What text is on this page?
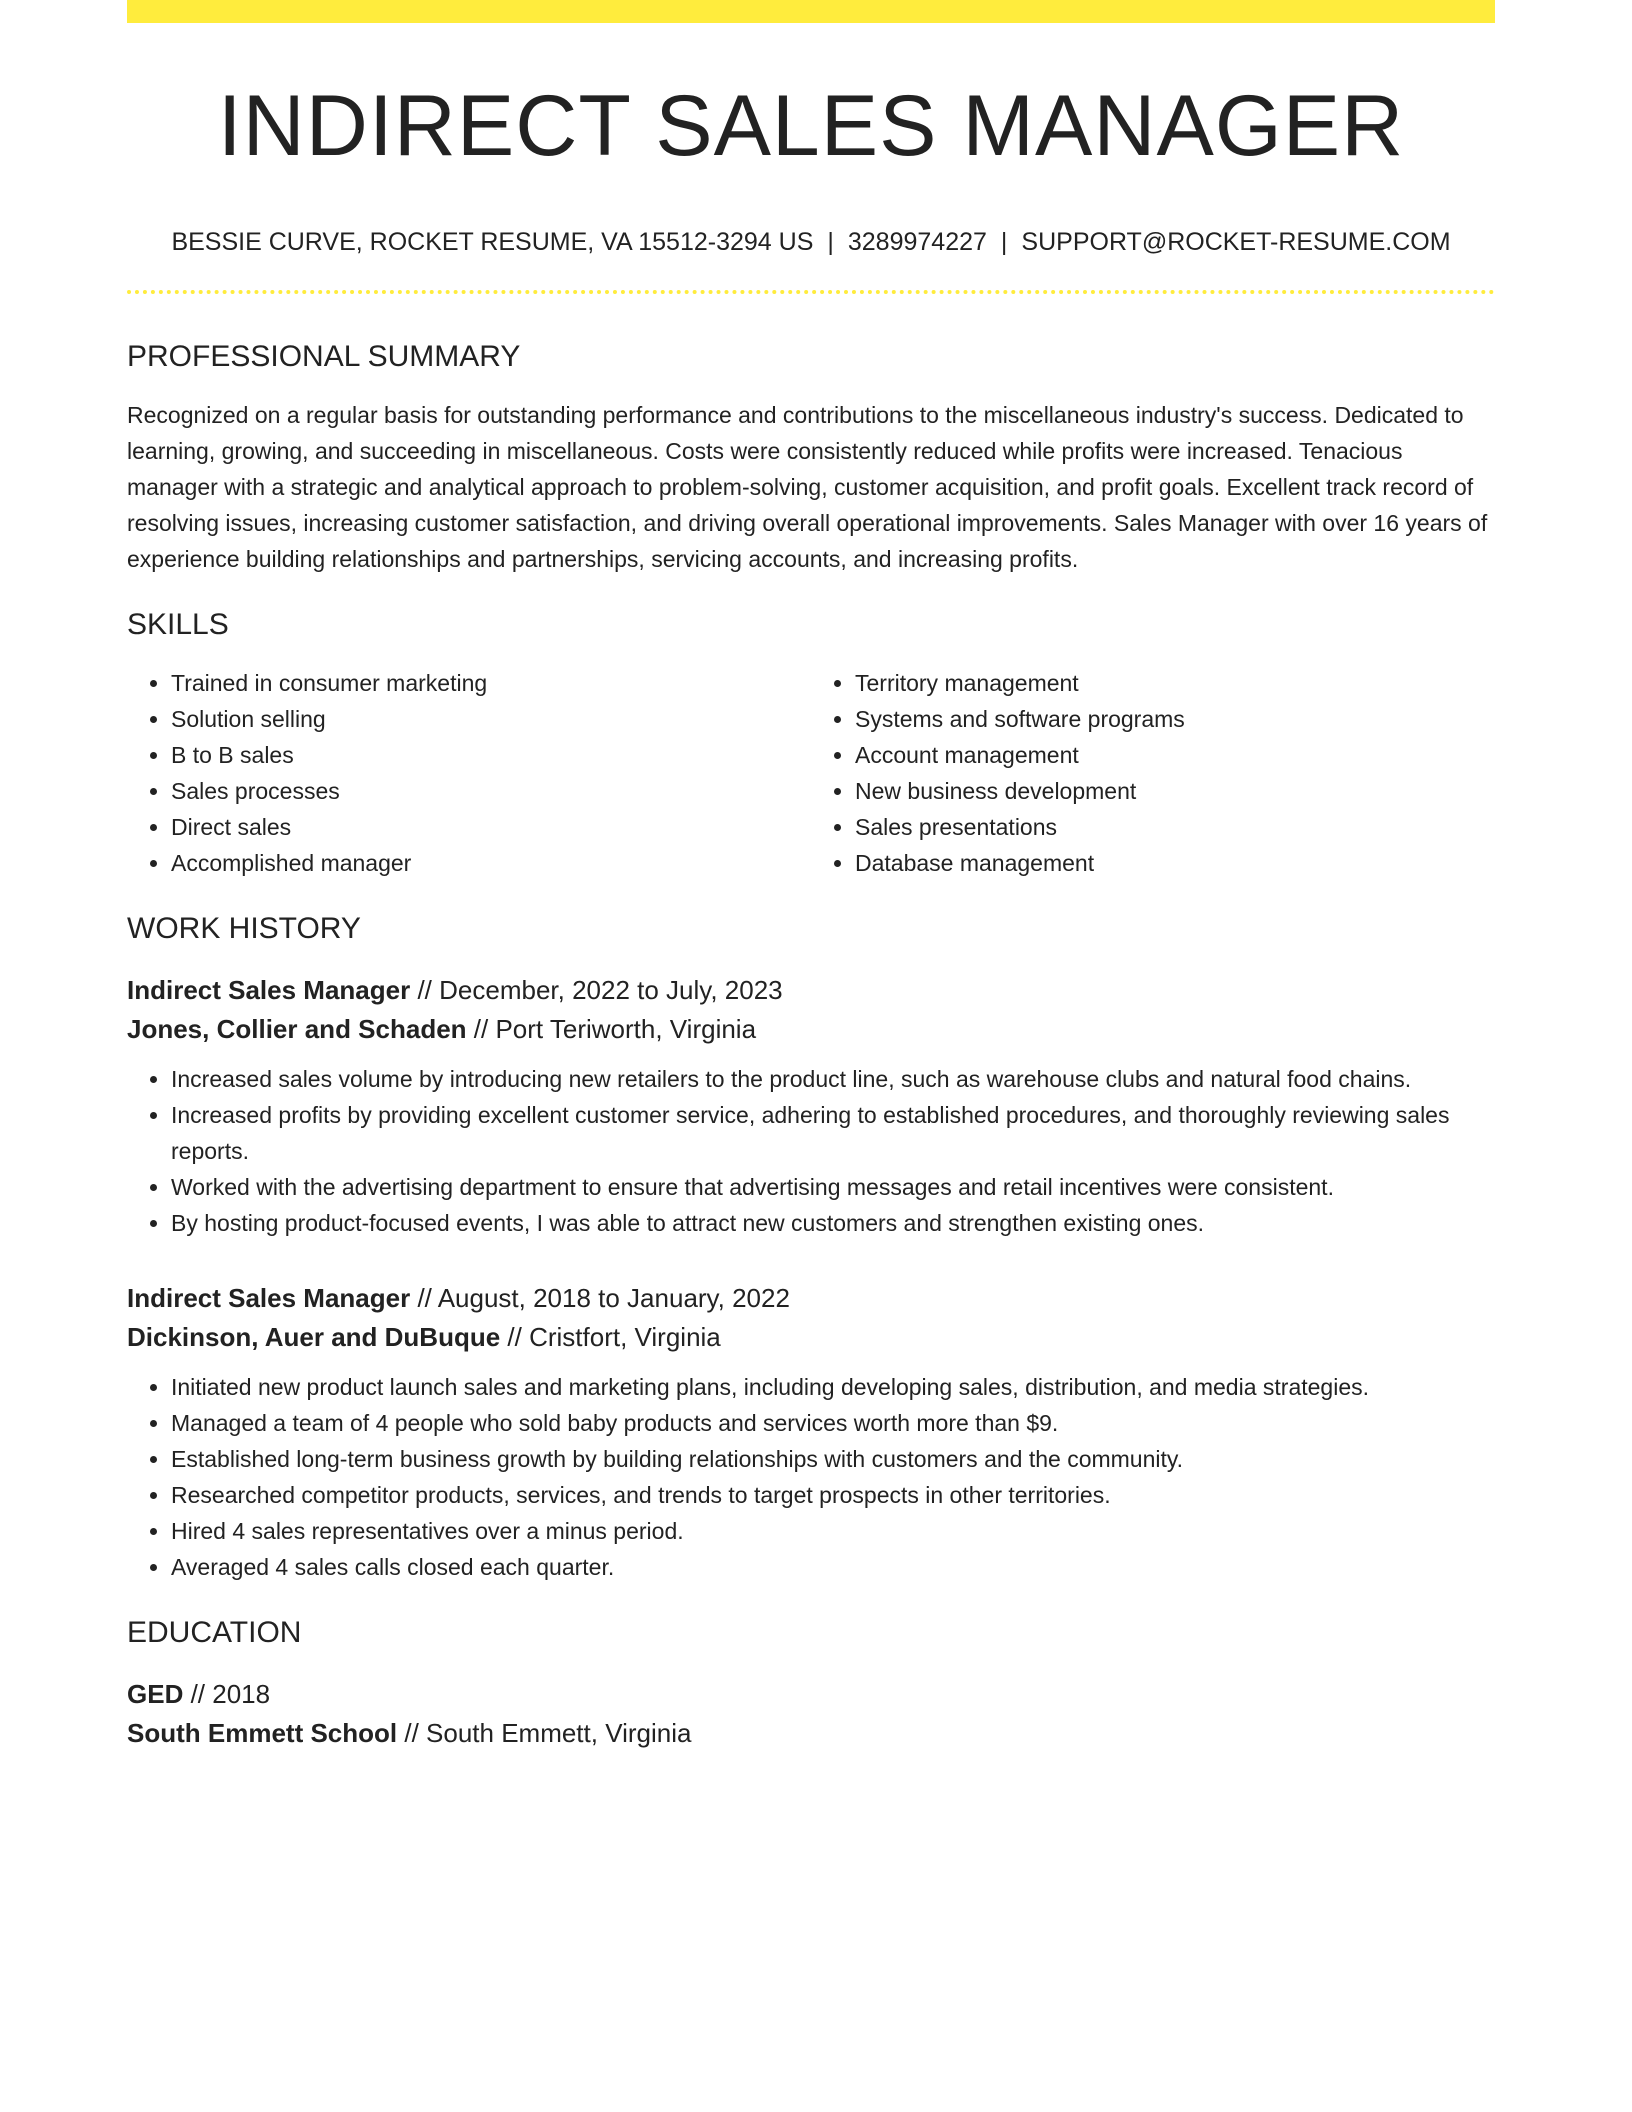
INDIRECT SALES MANAGER
BESSIE CURVE, ROCKET RESUME, VA 15512-3294 US | 3289974227 | SUPPORT@ROCKET-RESUME.COM
PROFESSIONAL SUMMARY
Recognized on a regular basis for outstanding performance and contributions to the miscellaneous industry's success. Dedicated to learning, growing, and succeeding in miscellaneous. Costs were consistently reduced while profits were increased. Tenacious manager with a strategic and analytical approach to problem-solving, customer acquisition, and profit goals. Excellent track record of resolving issues, increasing customer satisfaction, and driving overall operational improvements. Sales Manager with over 16 years of experience building relationships and partnerships, servicing accounts, and increasing profits.
SKILLS
• Trained in consumer marketing
• Solution selling
• B to B sales
• Sales processes
• Direct sales
• Accomplished manager
• Territory management
• Systems and software programs
• Account management
• New business development
• Sales presentations
• Database management
WORK HISTORY
Indirect Sales Manager // December, 2022 to July, 2023
Jones, Collier and Schaden // Port Teriworth, Virginia
• Increased sales volume by introducing new retailers to the product line, such as warehouse clubs and natural food chains.
• Increased profits by providing excellent customer service, adhering to established procedures, and thoroughly reviewing sales reports.
• Worked with the advertising department to ensure that advertising messages and retail incentives were consistent.
• By hosting product-focused events, I was able to attract new customers and strengthen existing ones.
Indirect Sales Manager // August, 2018 to January, 2022
Dickinson, Auer and DuBuque // Cristfort, Virginia
• Initiated new product launch sales and marketing plans, including developing sales, distribution, and media strategies.
• Managed a team of 4 people who sold baby products and services worth more than $9.
• Established long-term business growth by building relationships with customers and the community.
• Researched competitor products, services, and trends to target prospects in other territories.
• Hired 4 sales representatives over a minus period.
• Averaged 4 sales calls closed each quarter.
EDUCATION
GED // 2018
South Emmett School // South Emmett, Virginia
